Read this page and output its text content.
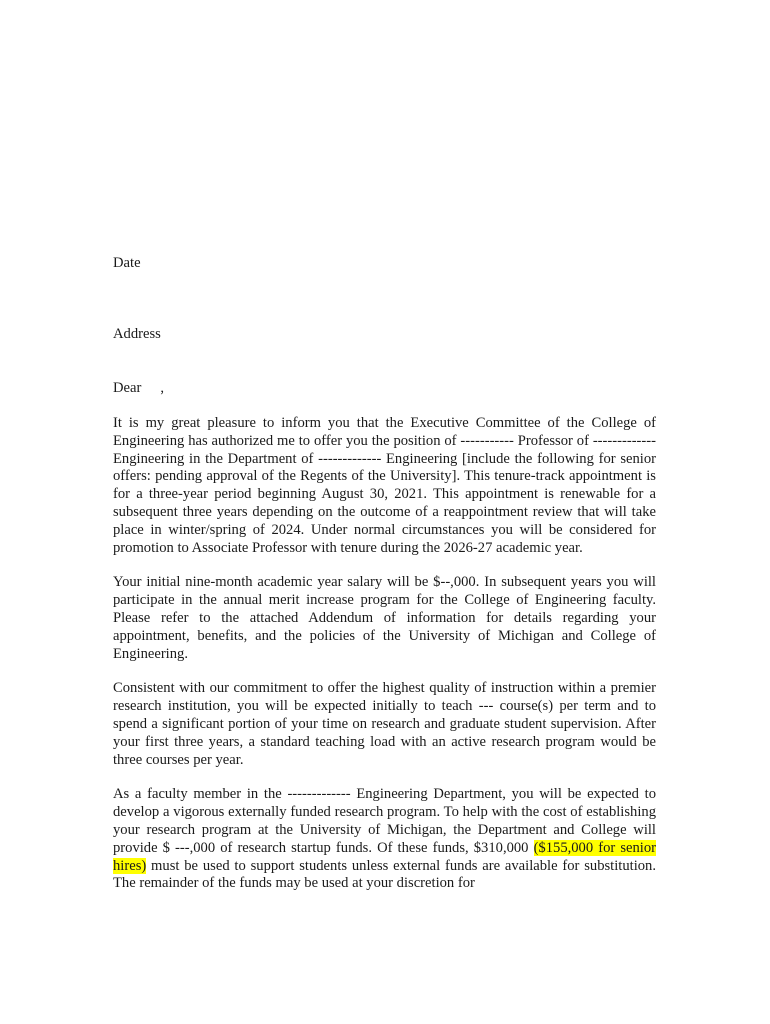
Date

Address

Dear ,

It is my great pleasure to inform you that the Executive Committee of the College of Engineering has authorized me to offer you the position of ----------- Professor of ------------- Engineering in the Department of ------------- Engineering [include the following for senior offers: pending approval of the Regents of the University]. This tenure-track appointment is for a three-year period beginning August 30, 2021. This appointment is renewable for a subsequent three years depending on the outcome of a reappointment review that will take place in winter/spring of 2024. Under normal circumstances you will be considered for promotion to Associate Professor with tenure during the 2026-27 academic year.

Your initial nine-month academic year salary will be $--,000. In subsequent years you will participate in the annual merit increase program for the College of Engineering faculty. Please refer to the attached Addendum of information for details regarding your appointment, benefits, and the policies of the University of Michigan and College of Engineering.

Consistent with our commitment to offer the highest quality of instruction within a premier research institution, you will be expected initially to teach --- course(s) per term and to spend a significant portion of your time on research and graduate student supervision. After your first three years, a standard teaching load with an active research program would be three courses per year.

As a faculty member in the ------------- Engineering Department, you will be expected to develop a vigorous externally funded research program. To help with the cost of establishing your research program at the University of Michigan, the Department and College will provide $ ---,000 of research startup funds. Of these funds, $310,000 ($155,000 for senior hires) must be used to support students unless external funds are available for substitution. The remainder of the funds may be used at your discretion for
